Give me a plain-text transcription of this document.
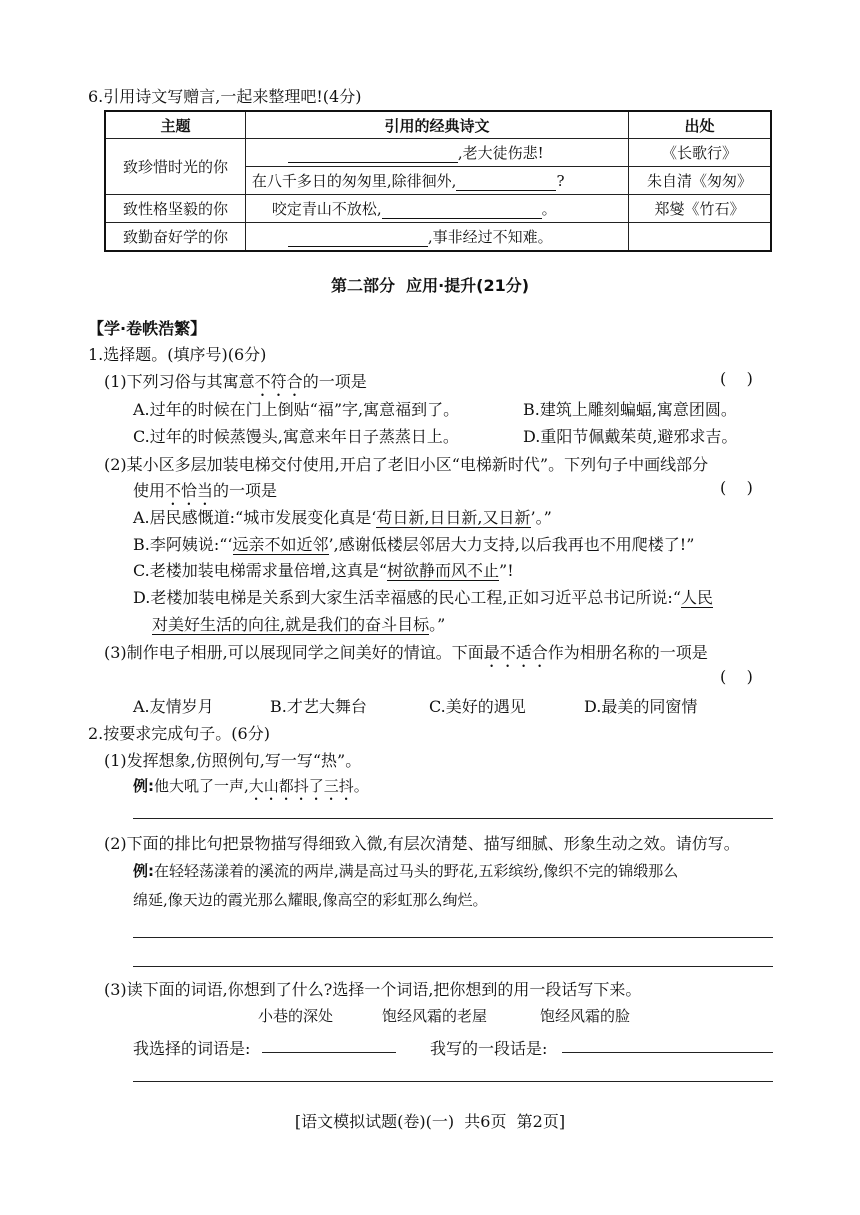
6.引用诗文写赠言,一起来整理吧!(4分)
主题	引用的经典诗文	出处
致珍惜时光的你	,老大徒伤悲!	《长歌行》
	在八千多日的匆匆里,除徘徊外, ?	朱自清《匆匆》
致性格坚毅的你	咬定青山不放松, 。	郑燮《竹石》
致勤奋好学的你	,事非经过不知难。	
第二部分  应用·提升(21分)
【学·卷帙浩繁】
1.选择题。(填序号)(6分)
(1)下列习俗与其寓意不符合的一项是	(    )
A.过年的时候在门上倒贴“福”字,寓意福到了。	B.建筑上雕刻蝙蝠,寓意团圆。
C.过年的时候蒸馒头,寓意来年日子蒸蒸日上。	D.重阳节佩戴茱萸,避邪求吉。
(2)某小区多层加装电梯交付使用,开启了老旧小区“电梯新时代”。下列句子中画线部分
使用不恰当的一项是	(    )
A.居民感慨道:“城市发展变化真是‘苟日新,日日新,又日新’。”
B.李阿姨说:“‘远亲不如近邻’,感谢低楼层邻居大力支持,以后我再也不用爬楼了!”
C.老楼加装电梯需求量倍增,这真是“树欲静而风不止”!
D.老楼加装电梯是关系到大家生活幸福感的民心工程,正如习近平总书记所说:“人民
对美好生活的向往,就是我们的奋斗目标。”
(3)制作电子相册,可以展现同学之间美好的情谊。下面最不适合作为相册名称的一项是
(    )
A.友情岁月	B.才艺大舞台	C.美好的遇见	D.最美的同窗情
2.按要求完成句子。(6分)
(1)发挥想象,仿照例句,写一写“热”。
例:他大吼了一声,大山都抖了三抖。
(2)下面的排比句把景物描写得细致入微,有层次清楚、描写细腻、形象生动之效。请仿写。
例:在轻轻荡漾着的溪流的两岸,满是高过马头的野花,五彩缤纷,像织不完的锦缎那么
绵延,像天边的霞光那么耀眼,像高空的彩虹那么绚烂。
(3)读下面的词语,你想到了什么?选择一个词语,把你想到的用一段话写下来。
小巷的深处	饱经风霜的老屋	饱经风霜的脸
我选择的词语是:	我写的一段话是:
[语文模拟试题(卷)(一)  共6页  第2页]
